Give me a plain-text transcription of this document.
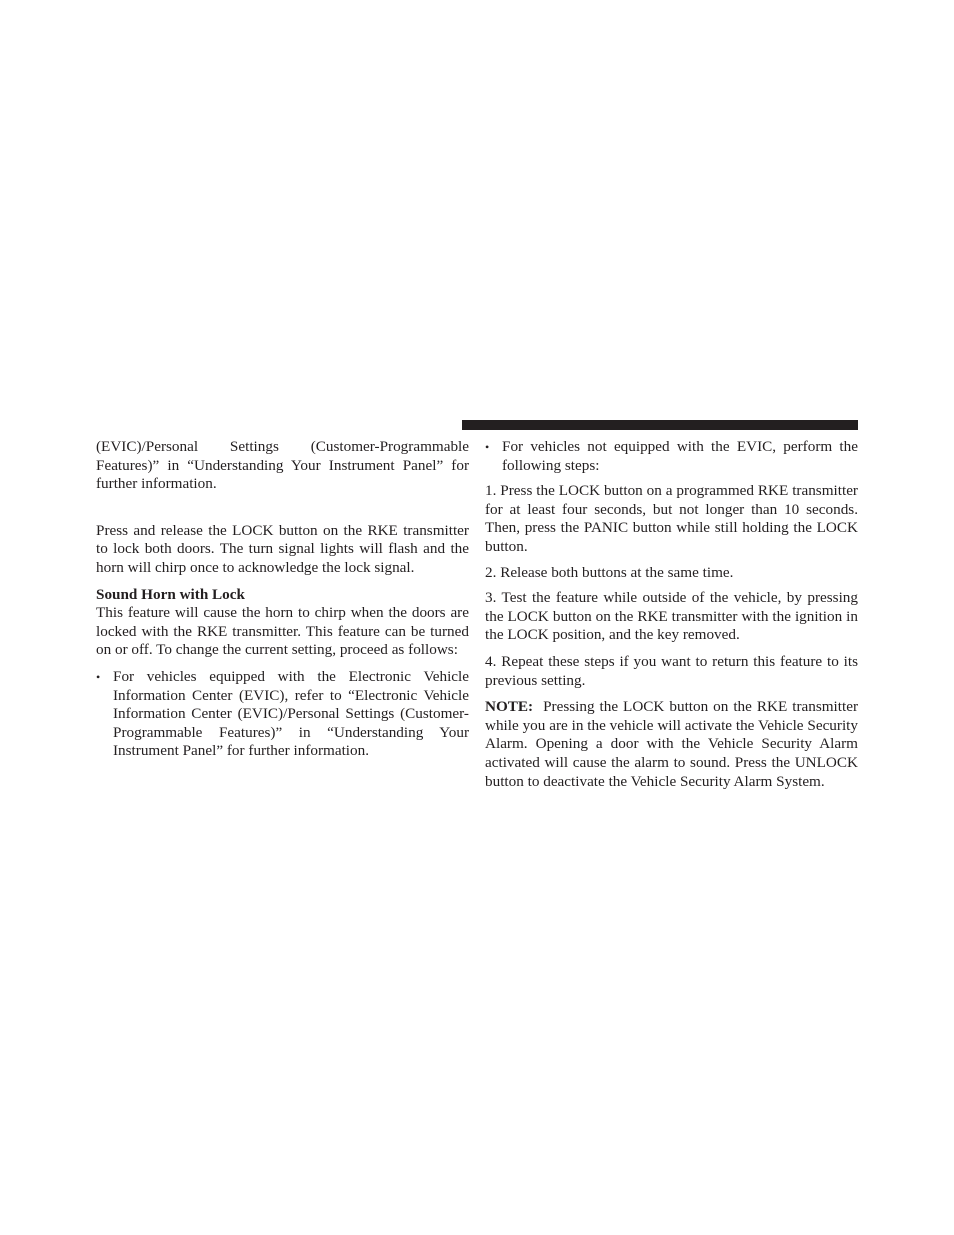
(EVIC)/Personal Settings (Customer-Programmable Features)” in “Understanding Your Instrument Panel” for further information.

Press and release the LOCK button on the RKE transmitter to lock both doors. The turn signal lights will flash and the horn will chirp once to acknowledge the lock signal.

Sound Horn with Lock

This feature will cause the horn to chirp when the doors are locked with the RKE transmitter. This feature can be turned on or off. To change the current setting, proceed as follows:

• For vehicles equipped with the Electronic Vehicle Information Center (EVIC), refer to “Electronic Vehicle Information Center (EVIC)/Personal Settings (Customer-Programmable Features)” in “Understanding Your Instrument Panel” for further information.
• For vehicles not equipped with the EVIC, perform the following steps:

1. Press the LOCK button on a programmed RKE transmitter for at least four seconds, but not longer than 10 seconds. Then, press the PANIC button while still holding the LOCK button.

2. Release both buttons at the same time.

3. Test the feature while outside of the vehicle, by pressing the LOCK button on the RKE transmitter with the ignition in the LOCK position, and the key removed.

4. Repeat these steps if you want to return this feature to its previous setting.

NOTE: Pressing the LOCK button on the RKE transmitter while you are in the vehicle will activate the Vehicle Security Alarm. Opening a door with the Vehicle Security Alarm activated will cause the alarm to sound. Press the UNLOCK button to deactivate the Vehicle Security Alarm System.
